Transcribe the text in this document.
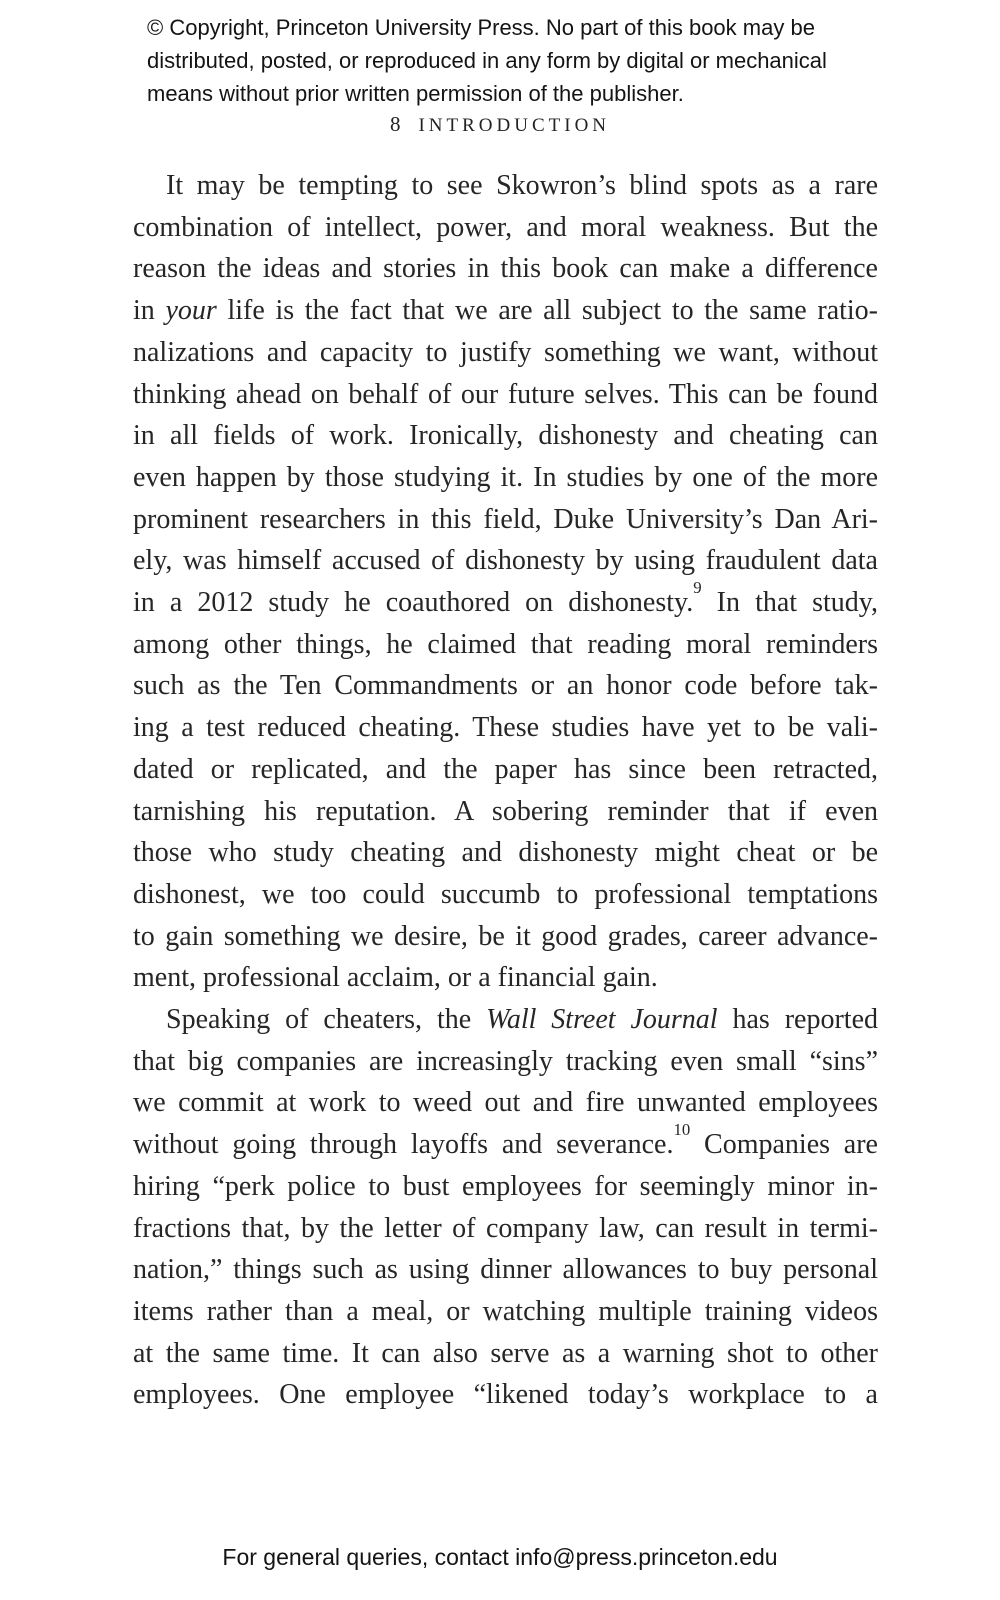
© Copyright, Princeton University Press. No part of this book may be
distributed, posted, or reproduced in any form by digital or mechanical
means without prior written permission of the publisher.
8 INTRODUCTION
It may be tempting to see Skowron’s blind spots as a rare
combination of intellect, power, and moral weakness. But the
reason the ideas and stories in this book can make a difference
in your life is the fact that we are all subject to the same ratio-
nalizations and capacity to justify something we want, without
thinking ahead on behalf of our future selves. This can be found
in all fields of work. Ironically, dishonesty and cheating can
even happen by those studying it. In studies by one of the more
prominent researchers in this field, Duke University’s Dan Ari-
ely, was himself accused of dishonesty by using fraudulent data
in a 2012 study he coauthored on dishonesty.$^9$ In that study,
among other things, he claimed that reading moral reminders
such as the Ten Commandments or an honor code before tak-
ing a test reduced cheating. These studies have yet to be vali-
dated or replicated, and the paper has since been retracted,
tarnishing his reputation. A sobering reminder that if even
those who study cheating and dishonesty might cheat or be
dishonest, we too could succumb to professional temptations
to gain something we desire, be it good grades, career advance-
ment, professional acclaim, or a financial gain.
Speaking of cheaters, the Wall Street Journal has reported
that big companies are increasingly tracking even small “sins”
we commit at work to weed out and fire unwanted employees
without going through layoffs and severance.$^{10}$ Companies are
hiring “perk police to bust employees for seemingly minor in-
fractions that, by the letter of company law, can result in termi-
nation,” things such as using dinner allowances to buy personal
items rather than a meal, or watching multiple training videos
at the same time. It can also serve as a warning shot to other
employees. One employee “likened today’s workplace to a
For general queries, contact info@press.princeton.edu
